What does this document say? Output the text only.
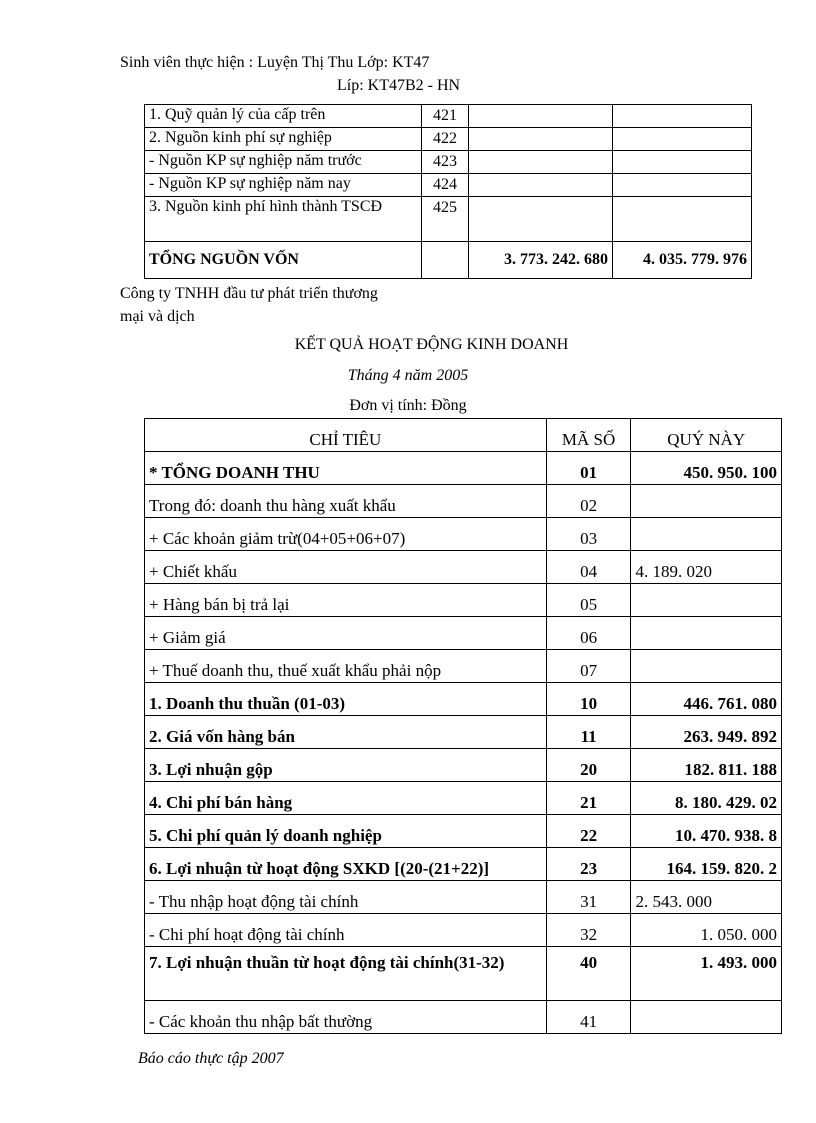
Sinh viên thực hiện : Luyện Thị Thu Lớp: KT47
Líp: KT47B2 - HN
1. Quỹ quản lý của cấp trên	421		
2. Nguồn kinh phí sự nghiệp	422		
- Nguồn KP sự nghiệp năm trước	423		
- Nguồn KP sự nghiệp năm nay	424		
3. Nguồn kinh phí hình thành TSCĐ	425		
TỔNG NGUỒN VỐN		3. 773. 242. 680	4. 035. 779. 976
Công ty TNHH đầu tư phát triển thương mại và dịch
KẾT QUẢ HOẠT ĐỘNG KINH DOANH
Tháng 4 năm 2005
Đơn vị tính: Đồng
CHỈ TIÊU	MÃ SỐ	QUÝ NÀY
* TỔNG DOANH THU	01	450. 950. 100
Trong đó: doanh thu hàng xuất khẩu	02	
+ Các khoản giảm trừ(04+05+06+07)	03	
+ Chiết khấu	04	4. 189. 020
+ Hàng bán bị trả lại	05	
+ Giảm giá	06	
+ Thuế doanh thu, thuế xuất khẩu phải nộp	07	
1. Doanh thu thuần (01-03)	10	446. 761. 080
2. Giá vốn hàng bán	11	263. 949. 892
3. Lợi nhuận gộp	20	182. 811. 188
4. Chi phí bán hàng	21	8. 180. 429. 02
5. Chi phí quản lý doanh nghiệp	22	10. 470. 938. 8
6. Lợi nhuận từ hoạt động SXKD [(20-(21+22)]	23	164. 159. 820. 2
- Thu nhập hoạt động tài chính	31	2. 543. 000
- Chi phí hoạt động tài chính	32	1. 050. 000
7. Lợi nhuận thuần từ hoạt động tài chính(31-32)	40	1. 493. 000
- Các khoản thu nhập bất thường	41	
Báo cáo thực tập 2007
